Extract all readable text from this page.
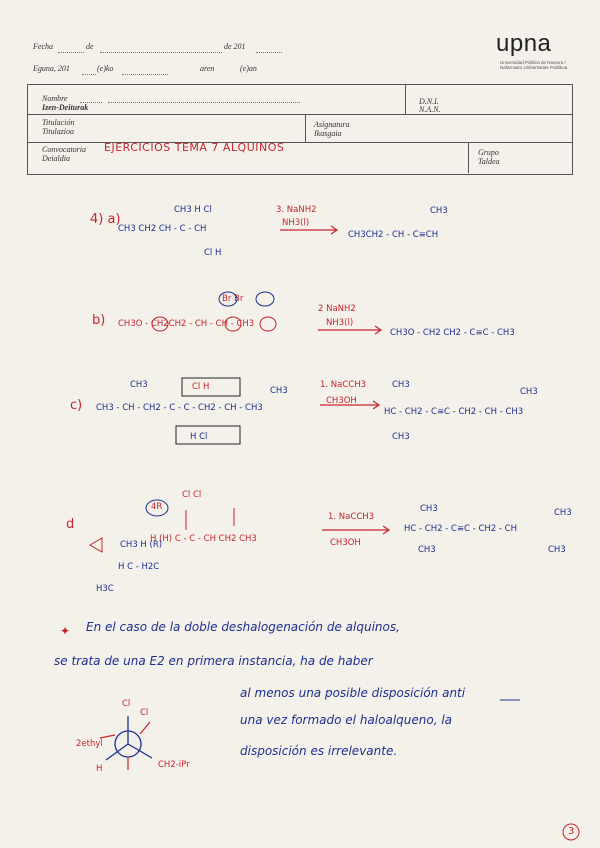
Fecha	de	de 201
Eguna, 201	(e)ko	aren	(e)an
upna
Universidad Pública de Navarra / Nafarroako Unibertsitate Publikoa
Nombre
Izen-Deiturak
D.N.I.
N.A.N.
Titulación
Titulazioa
Asignatura
Ikasgaia
Convocatoria
Deialdia
EJERCICIOS TEMA 7 ALQUINOS	Grupo
Taldea
4) a)
CH3 H Cl
CH3 CH2 CH - C - CH
Cl H
3. NaNH2
NH3(l)
CH3
CH3CH2 - CH - C≡CH
b)
Br Br
CH3O - CH2CH2 - CH - CH - CH3
2 NaNH2
NH3(l)
CH3O - CH2 CH2 - C≡C - CH3
c)
CH3	Cl H	CH3
CH3 - CH - CH2 - C - C - CH2 - CH - CH3
H Cl
1. NaCCH3
CH3OH
CH3
CH3
HC - CH2 - C≡C - CH2 - CH - CH3
CH3
d
4R
Cl Cl
H (H) C - C - CH CH2 CH3
CH3 H (R)
H C - H2C
H3C
1. NaCCH3
CH3OH
CH3	CH3
HC - CH2 - C≡C - CH2 - CH
CH3	CH3
✦ En el caso de la doble deshalogenación de alquinos,
se trata de una E2 en primera instancia, ha de haber
al menos una posible disposición anti
una vez formado el haloalqueno, la
disposición es irrelevante.
Cl
Cl
2ethyl
CH2-iPr
H
3
